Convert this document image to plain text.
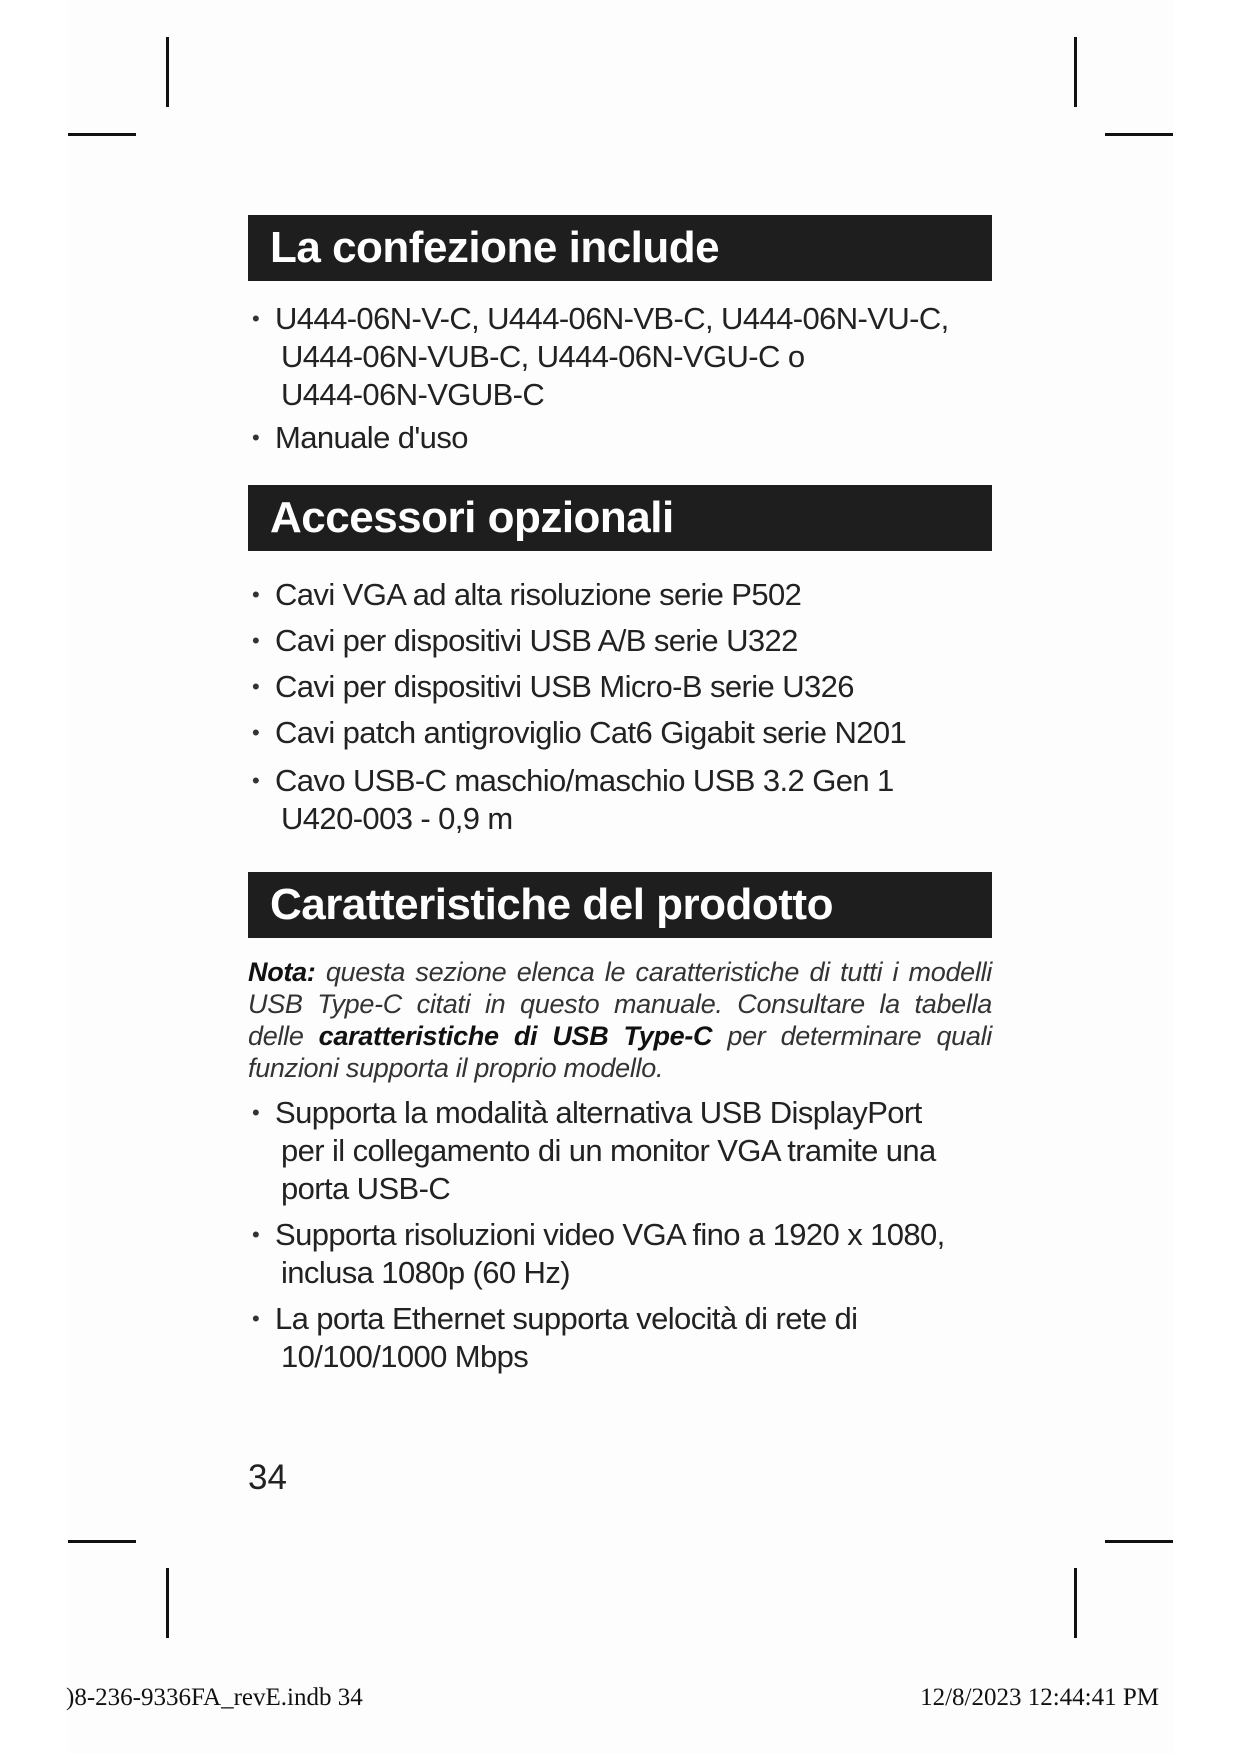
La confezione include
• U444-06N-V-C, U444-06N-VB-C, U444-06N-VU-C,
U444-06N-VUB-C, U444-06N-VGU-C o
U444-06N-VGUB-C
• Manuale d'uso
Accessori opzionali
• Cavi VGA ad alta risoluzione serie P502
• Cavi per dispositivi USB A/B serie U322
• Cavi per dispositivi USB Micro-B serie U326
• Cavi patch antigroviglio Cat6 Gigabit serie N201
• Cavo USB-C maschio/maschio USB 3.2 Gen 1
U420-003 - 0,9 m
Caratteristiche del prodotto
Nota: questa sezione elenca le caratteristiche di tutti i modelli USB Type-C citati in questo manuale. Consultare la tabella delle caratteristiche di USB Type-C per determinare quali funzioni supporta il proprio modello.
• Supporta la modalità alternativa USB DisplayPort
per il collegamento di un monitor VGA tramite una
porta USB-C
• Supporta risoluzioni video VGA fino a 1920 x 1080,
inclusa 1080p (60 Hz)
• La porta Ethernet supporta velocità di rete di
10/100/1000 Mbps
34
)8-236-9336FA_revE.indb 34	12/8/2023 12:44:41 PM
